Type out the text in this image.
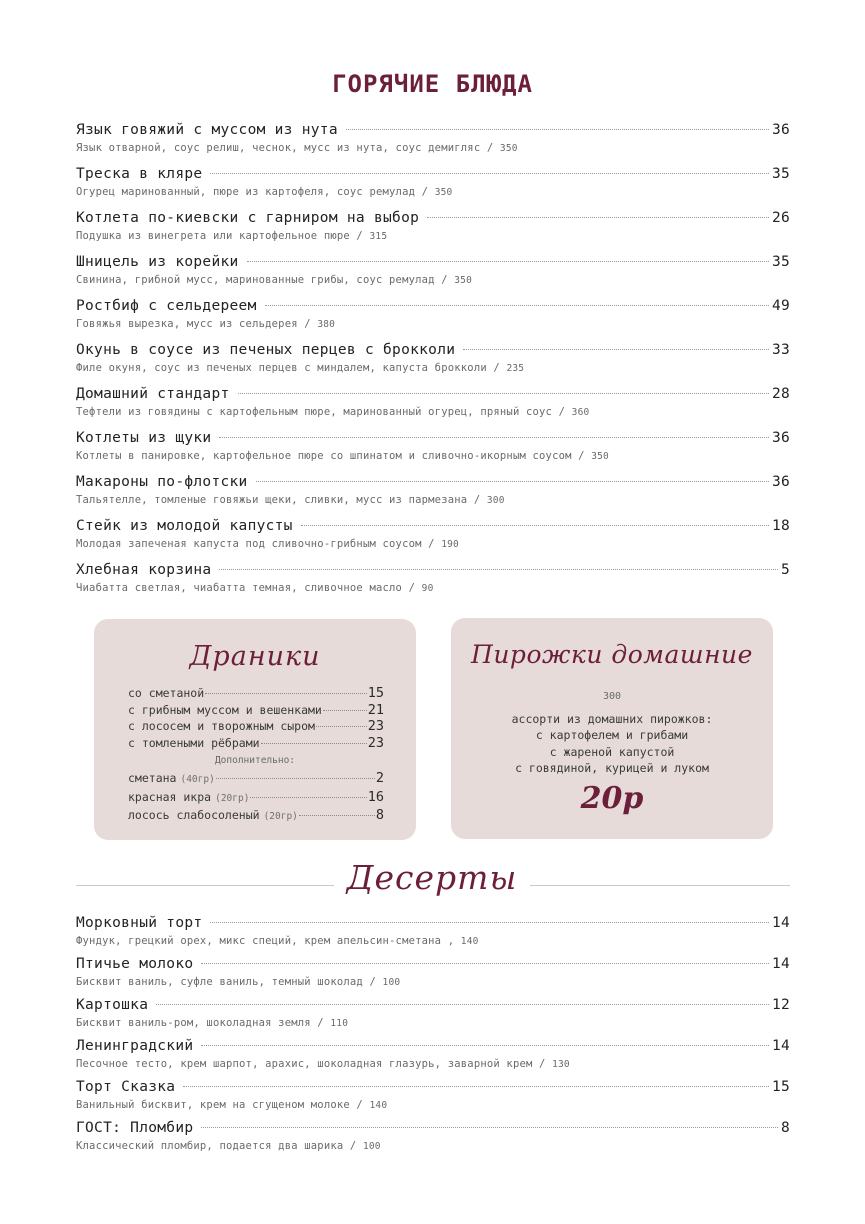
ГОРЯЧИЕ БЛЮДА
Язык говяжий с муссом из нута	36
Язык отварной, соус релиш, чеснок, мусс из нута, соус демигляс / 350
Треска в кляре	35
Огурец маринованный, пюре из картофеля, соус ремулад / 350
Котлета по-киевски с гарниром на выбор	26
Подушка из винегрета или картофельное пюре / 315
Шницель из корейки	35
Свинина, грибной мусс, маринованные грибы, соус ремулад / 350
Ростбиф с сельдереем	49
Говяжья вырезка, мусс из сельдерея / 380
Окунь в соусе из печеных перцев с брокколи	33
Филе окуня, соус из печеных перцев с миндалем, капуста брокколи / 235
Домашний стандарт	28
Тефтели из говядины с картофельным пюре, маринованный огурец, пряный соус / 360
Котлеты из щуки	36
Котлеты в панировке, картофельное пюре со шпинатом и сливочно-икорным соусом / 350
Макароны по-флотски	36
Тальятелле, томленые говяжьи щеки, сливки, мусс из пармезана / 300
Стейк из молодой капусты	18
Молодая запеченая капуста под сливочно-грибным соусом / 190
Хлебная корзина	5
Чиабатта светлая, чиабатта темная, сливочное масло / 90
Драники
со сметаной	15
с грибным муссом и вешенками	21
с лососем и творожным сыром	23
с томлеными рёбрами	23
Дополнительно:
сметана (40гр)	2
красная икра (20гр)	16
лосось слабосоленый (20гр)	8
Пирожки домашние
300
ассорти из домашних пирожков:
с картофелем и грибами
с жареной капустой
с говядиной, курицей и луком
20р
Десерты
Морковный торт	14
Фундук, грецкий орех, микс специй, крем апельсин-сметана , 140
Птичье молоко	14
Бисквит ваниль, суфле ваниль, темный шоколад / 100
Картошка	12
Бисквит ваниль-ром, шоколадная земля / 110
Ленинградский	14
Песочное тесто, крем шарпот, арахис, шоколадная глазурь, заварной крем / 130
Торт Сказка	15
Ванильный бисквит, крем на сгущеном молоке / 140
ГОСТ: Пломбир	8
Классический пломбир, подается два шарика / 100
